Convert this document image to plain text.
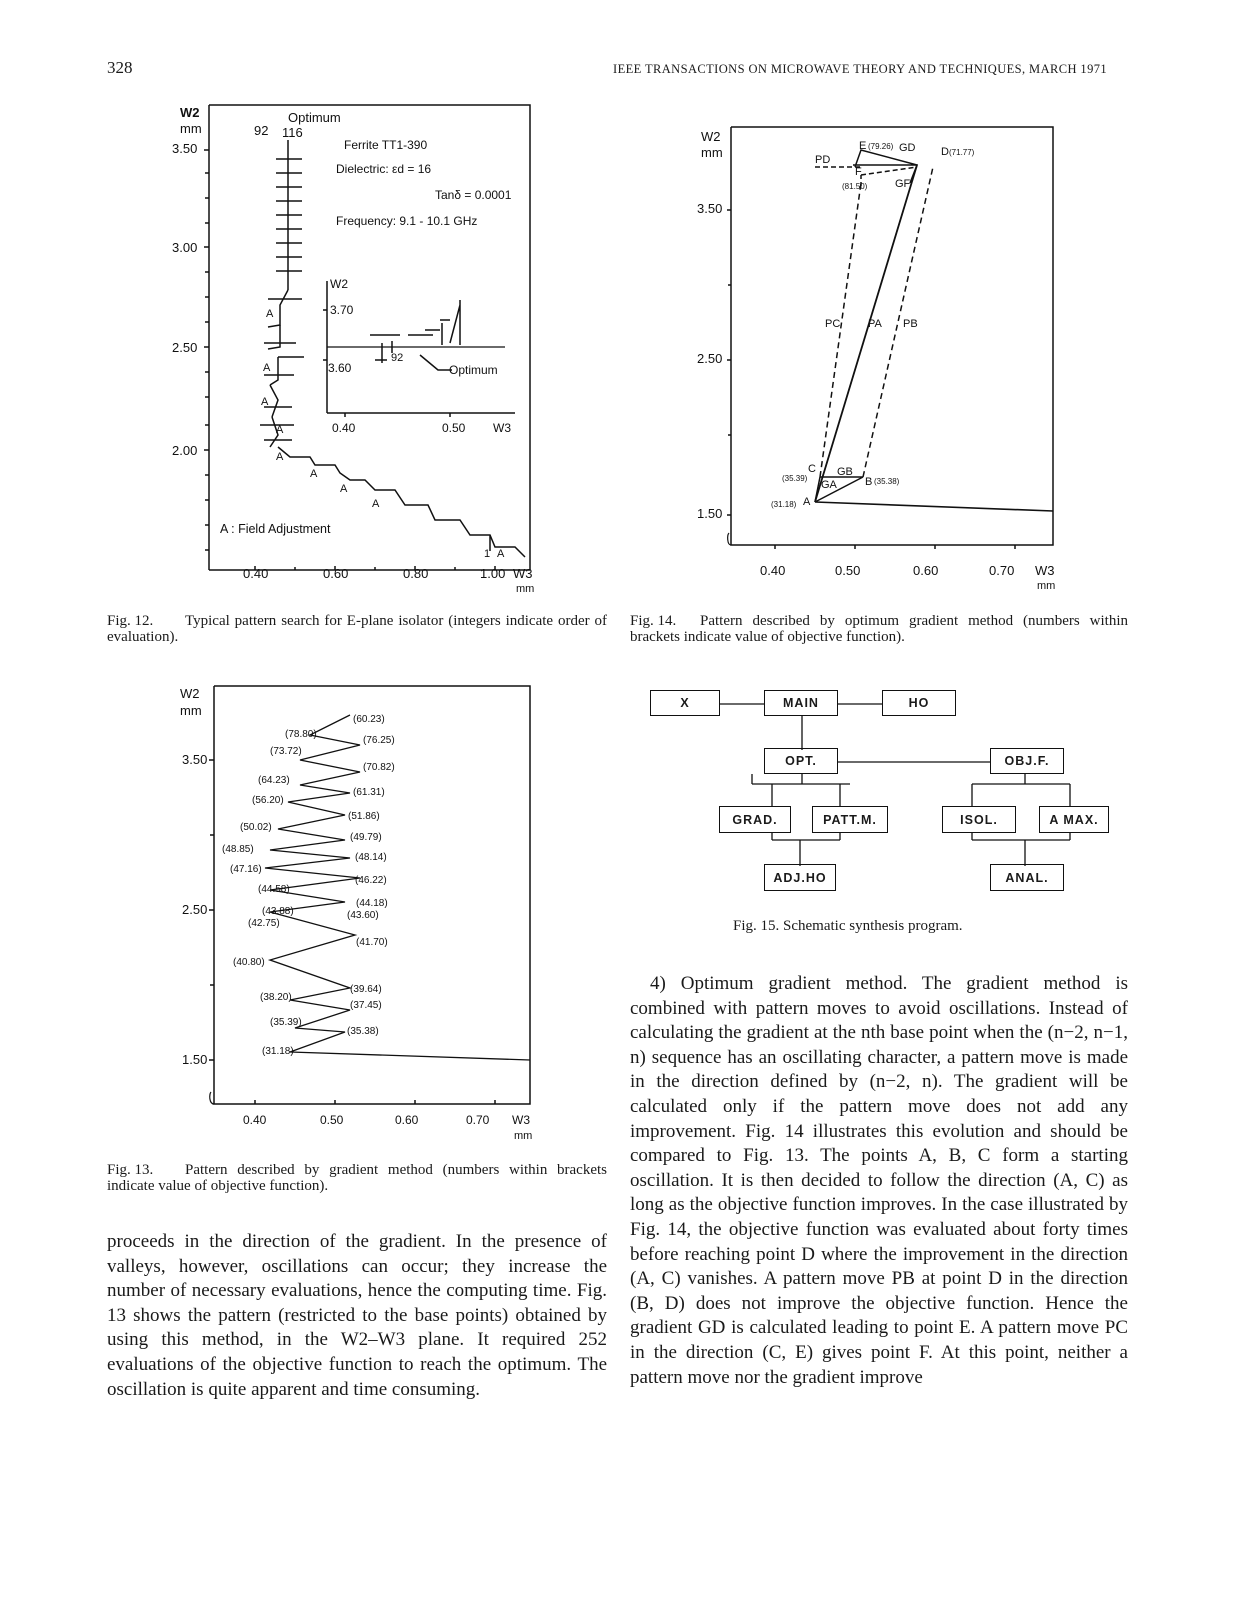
328	IEEE TRANSACTIONS ON MICROWAVE THEORY AND TECHNIQUES, MARCH 1971
W2
mm
3.50
3.00
2.50
2.00
0.40	0.60	0.80	1.00 W3
mm
Optimum
92 116
Ferrite TT1-390
Dielectric: εd = 16
Tanδ = 0.0001
Frequency: 9.1 - 10.1 GHz
A
A
A
A
A
A
A
A
A
1
A : Field Adjustment
W2
3.70
3.60
0.40	0.50 W3
92
Optimum
Fig. 12.	Typical pattern search for E-plane isolator (integers indicate order of evaluation).
W2
mm
3.50
2.50
1.50
0.40	0.50	0.60	0.70 W3
mm
(60.23)
(78.80)
(76.25)
(73.72)
(70.82)
(64.23)
(61.31)
(56.20)
(51.86)
(50.02)
(49.79)
(48.85)
(48.14)
(47.16)
(46.22)
(44.58)
(44.18)
(43.88)	(43.60)
(42.75)
(41.70)
(40.80)
(39.64)
(38.20)
(37.45)
(35.39)
(35.38)
(31.18)
Fig. 13.	Pattern described by gradient method (numbers within brackets indicate value of objective function).
W2
mm
3.50
2.50
1.50
0.40	0.50	0.60	0.70 W3
mm
E (79.26) GD D (71.77)
PD
F
(81.50)	GF
PC	PA PB
C
(35.39)
GB
GA	B (35.38)
A
(31.18)
Fig. 14.	Pattern described by optimum gradient method (numbers within brackets indicate value of objective function).
X	MAIN	HO
OPT.	OBJ.F.
GRAD.	PATT.M.	ISOL.	A MAX.
ADJ.HO	ANAL.
Fig. 15. Schematic synthesis program.

proceeds in the direction of the gradient. In the presence of valleys, however, oscillations can occur; they increase the number of necessary evaluations, hence the computing time. Fig. 13 shows the pattern (restricted to the base points) obtained by using this method, in the W2–W3 plane. It required 252 evaluations of the objective function to reach the optimum. The oscillation is quite apparent and time consuming.

4) Optimum gradient method. The gradient method is combined with pattern moves to avoid oscillations. Instead of calculating the gradient at the nth base point when the (n−2, n−1, n) sequence has an oscillating character, a pattern move is made in the direction defined by (n−2, n). The gradient will be calculated only if the pattern move does not add any improvement. Fig. 14 illustrates this evolution and should be compared to Fig. 13. The points A, B, C form a starting oscillation. It is then decided to follow the direction (A, C) as long as the objective function improves. In the case illustrated by Fig. 14, the objective function was evaluated about forty times before reaching point D where the improvement in the direction (A, C) vanishes. A pattern move PB at point D in the direction (B, D) does not improve the objective function. Hence the gradient GD is calculated leading to point E. A pattern move PC in the direction (C, E) gives point F. At this point, neither a pattern move nor the gradient improve
